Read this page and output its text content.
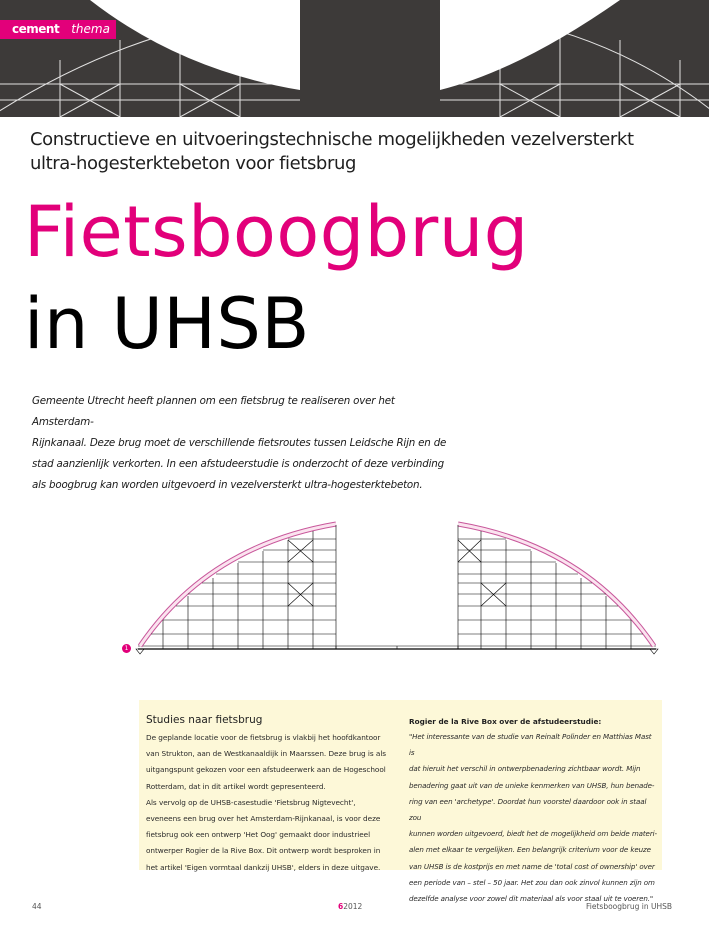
cement thema
Constructieve en uitvoeringstechnische mogelijkheden vezelversterkt
ultra-hogesterktebeton voor fietsbrug
Fietsboogbrug
in UHSB
Gemeente Utrecht heeft plannen om een fietsbrug te realiseren over het Amsterdam-
Rijnkanaal. Deze brug moet de verschillende fietsroutes tussen Leidsche Rijn en de
stad aanzienlijk verkorten. In een afstudeerstudie is onderzocht of deze verbinding
als boogbrug kan worden uitgevoerd in vezelversterkt ultra-hogesterktebeton.
1
Studies naar fietsbrug

De geplande locatie voor de fietsbrug is vlakbij het hoofdkantoor

van Strukton, aan de Westkanaaldijk in Maarssen. Deze brug is als

uitgangspunt gekozen voor een afstudeerwerk aan de Hogeschool

Rotterdam, dat in dit artikel wordt gepresenteerd.

Als vervolg op de UHSB-casestudie 'Fietsbrug Nigtevecht',

eveneens een brug over het Amsterdam-Rijnkanaal, is voor deze

fietsbrug ook een ontwerp 'Het Oog' gemaakt door industrieel

ontwerper Rogier de la Rive Box. Dit ontwerp wordt besproken in

het artikel 'Eigen vormtaal dankzij UHSB', elders in deze uitgave.

Rogier de la Rive Box over de afstudeerstudie:
"Het interessante van de studie van Reinalt Polinder en Matthias Mast is
dat hieruit het verschil in ontwerpbenadering zichtbaar wordt. Mijn
benadering gaat uit van de unieke kenmerken van UHSB, hun benade-
ring van een 'archetype'. Doordat hun voorstel daardoor ook in staal zou
kunnen worden uitgevoerd, biedt het de mogelijkheid om beide materi-
alen met elkaar te vergelijken. Een belangrijk criterium voor de keuze
van UHSB is de kostprijs en met name de 'total cost of ownership' over
een periode van – stel – 50 jaar. Het zou dan ook zinvol kunnen zijn om
dezelfde analyse voor zowel dit materiaal als voor staal uit te voeren."
44	62012	Fietsboogbrug in UHSB
